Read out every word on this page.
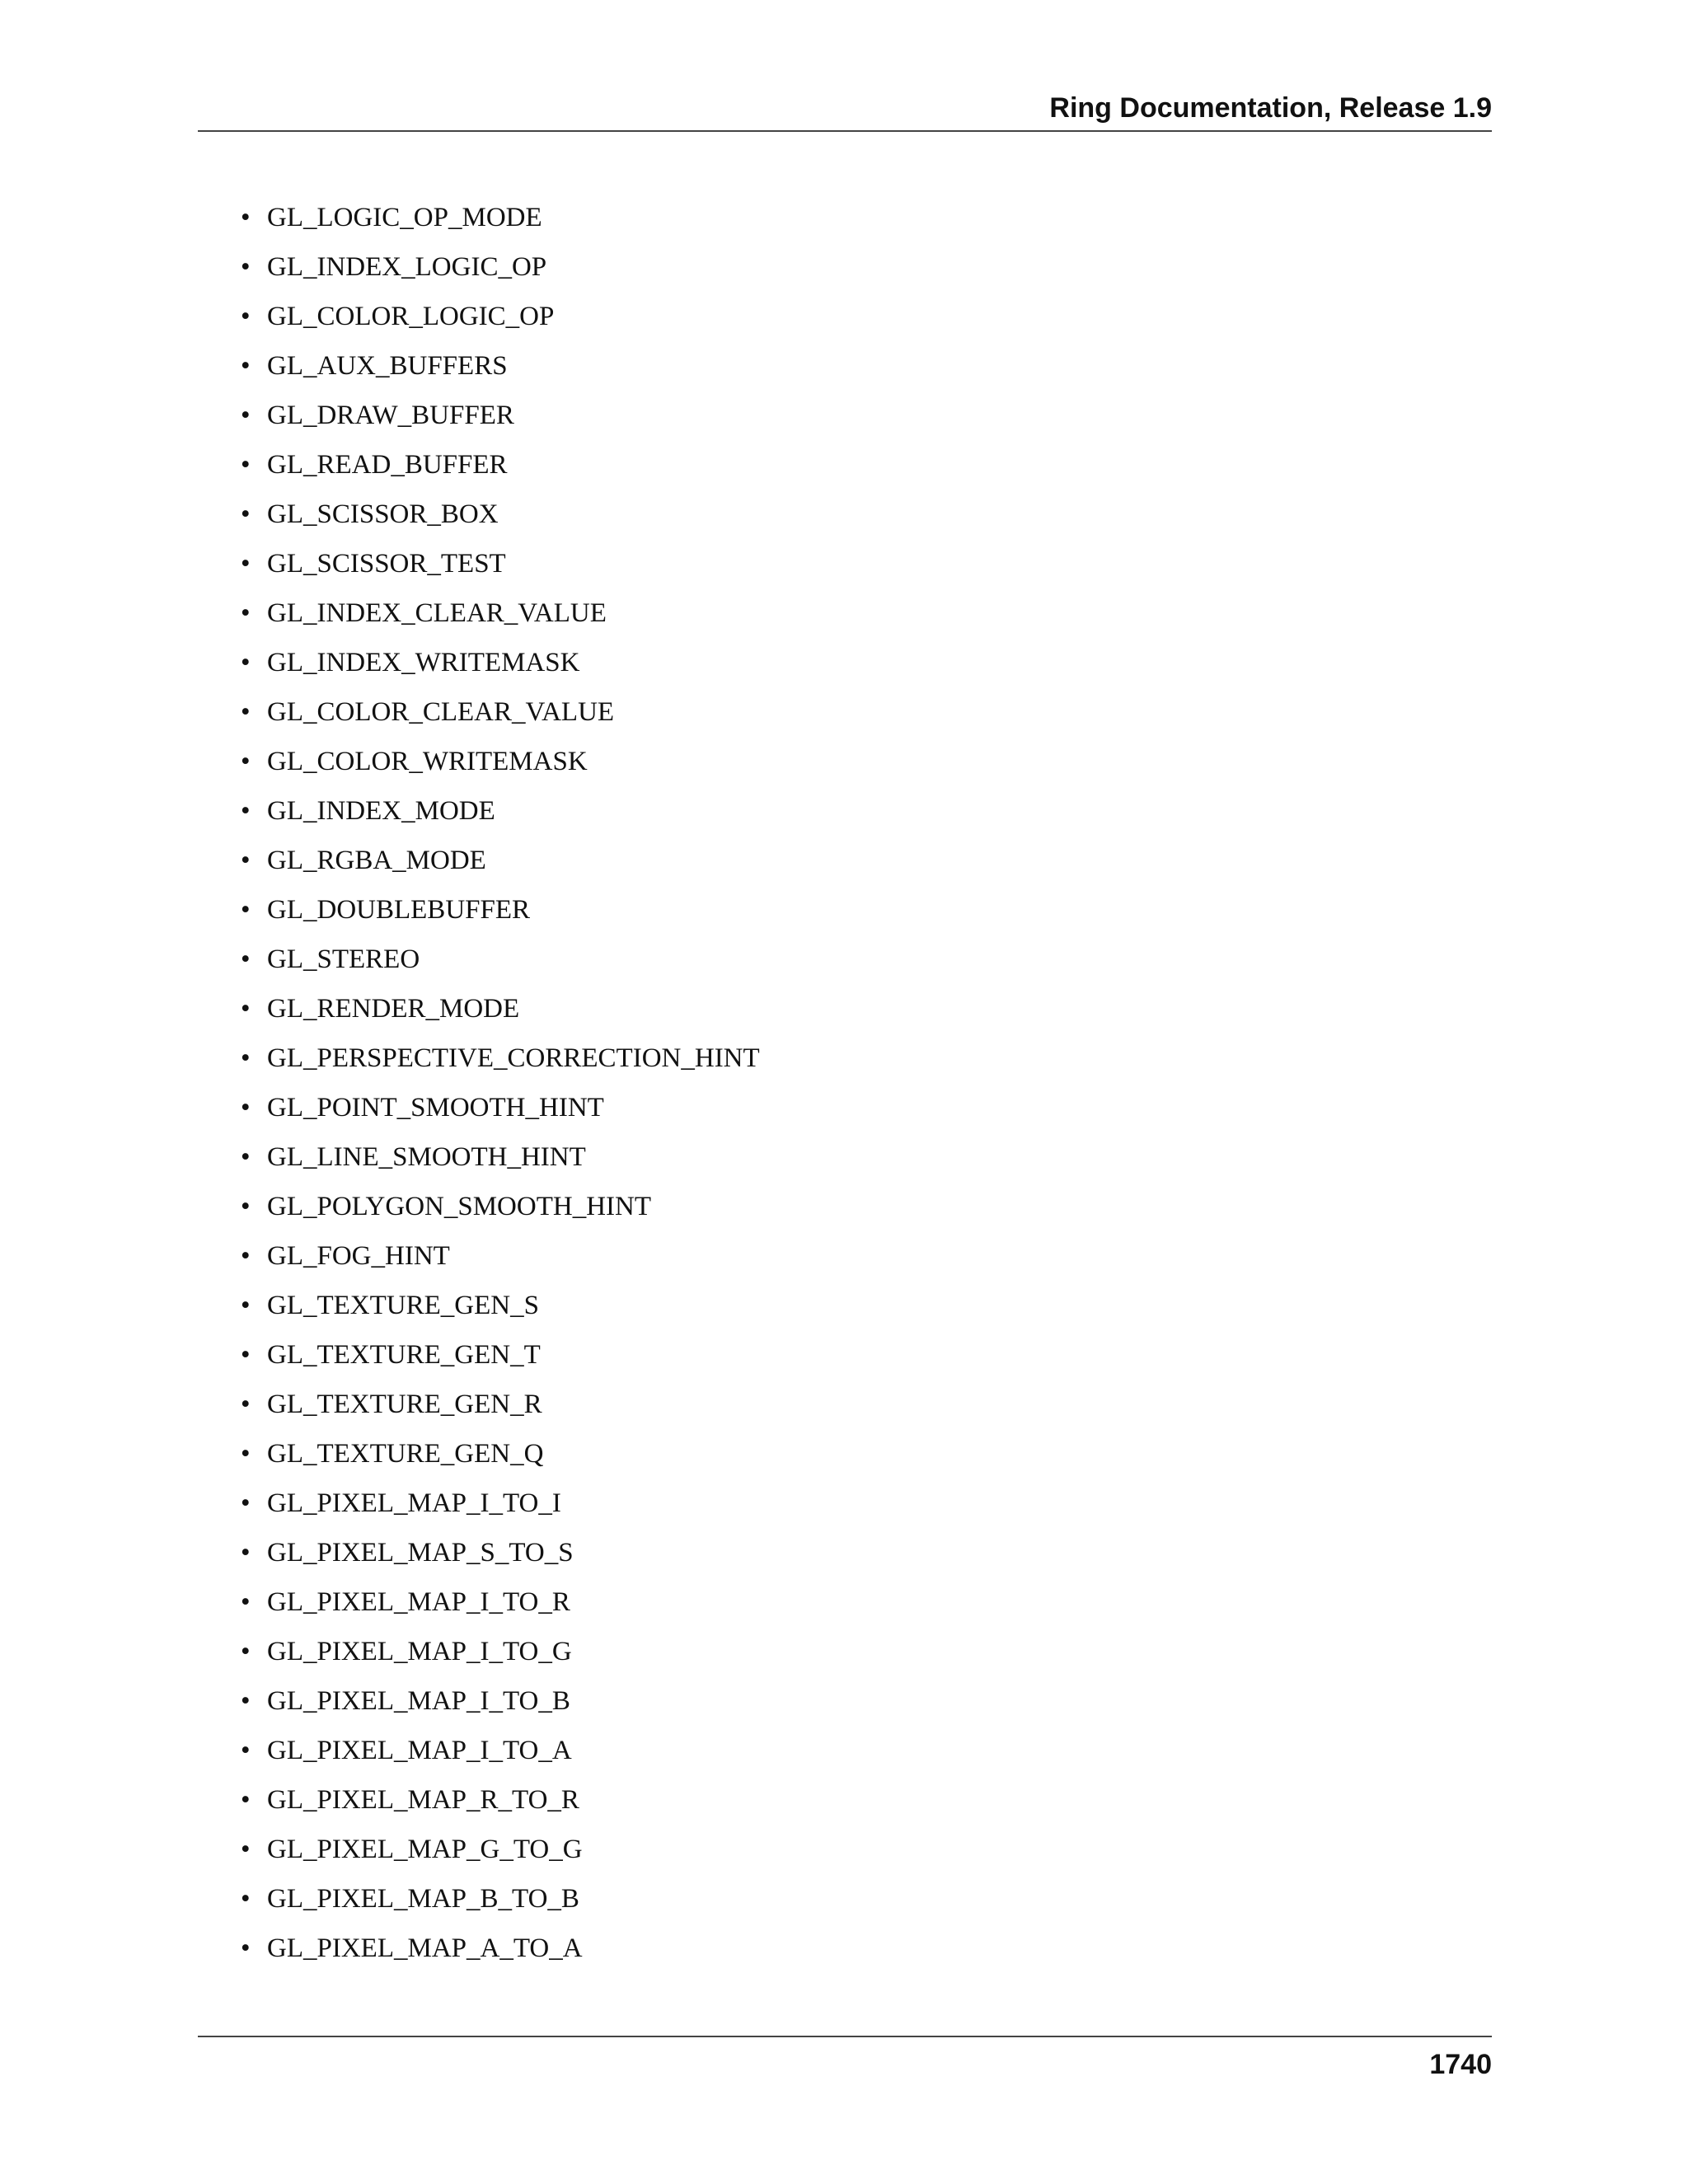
Ring Documentation, Release 1.9
• GL_LOGIC_OP_MODE
• GL_INDEX_LOGIC_OP
• GL_COLOR_LOGIC_OP
• GL_AUX_BUFFERS
• GL_DRAW_BUFFER
• GL_READ_BUFFER
• GL_SCISSOR_BOX
• GL_SCISSOR_TEST
• GL_INDEX_CLEAR_VALUE
• GL_INDEX_WRITEMASK
• GL_COLOR_CLEAR_VALUE
• GL_COLOR_WRITEMASK
• GL_INDEX_MODE
• GL_RGBA_MODE
• GL_DOUBLEBUFFER
• GL_STEREO
• GL_RENDER_MODE
• GL_PERSPECTIVE_CORRECTION_HINT
• GL_POINT_SMOOTH_HINT
• GL_LINE_SMOOTH_HINT
• GL_POLYGON_SMOOTH_HINT
• GL_FOG_HINT
• GL_TEXTURE_GEN_S
• GL_TEXTURE_GEN_T
• GL_TEXTURE_GEN_R
• GL_TEXTURE_GEN_Q
• GL_PIXEL_MAP_I_TO_I
• GL_PIXEL_MAP_S_TO_S
• GL_PIXEL_MAP_I_TO_R
• GL_PIXEL_MAP_I_TO_G
• GL_PIXEL_MAP_I_TO_B
• GL_PIXEL_MAP_I_TO_A
• GL_PIXEL_MAP_R_TO_R
• GL_PIXEL_MAP_G_TO_G
• GL_PIXEL_MAP_B_TO_B
• GL_PIXEL_MAP_A_TO_A
1740
